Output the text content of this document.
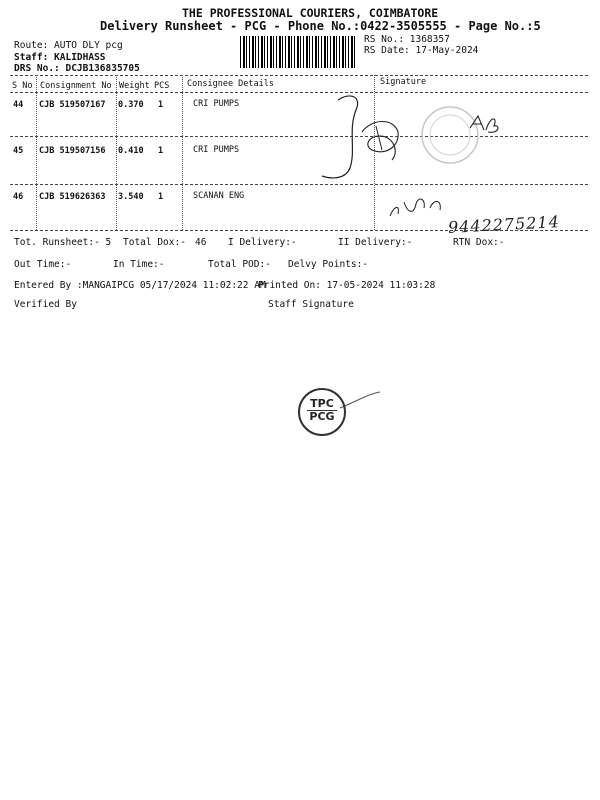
THE PROFESSIONAL COURIERS, COIMBATORE
Delivery Runsheet - PCG - Phone No.:0422-3505555 - Page No.:5
Route: AUTO DLY pcg
Staff: KALIDHASS
DRS No.: DCJB136835705
RS No.: 1368357
RS Date: 17-May-2024
S No Consignment No Weight PCS Consignee Details	Signature
44 CJB 519507167 0.370 1	CRI PUMPS
45 CJB 519507156 0.410 1	CRI PUMPS
46 CJB 519626363 3.540 1	SCANAN ENG
9442275214
Tot. Runsheet:- 5 Total Dox:- 46 I Delivery:-	II Delivery:-	RTN Dox:-
Out Time:-	In Time:-	Total POD:- Delvy Points:-
Entered By :MANGAIPCG 05/17/2024 11:02:22 AM
Printed On: 17-05-2024 11:03:28
Verified By	Staff Signature
TPC
PCG
